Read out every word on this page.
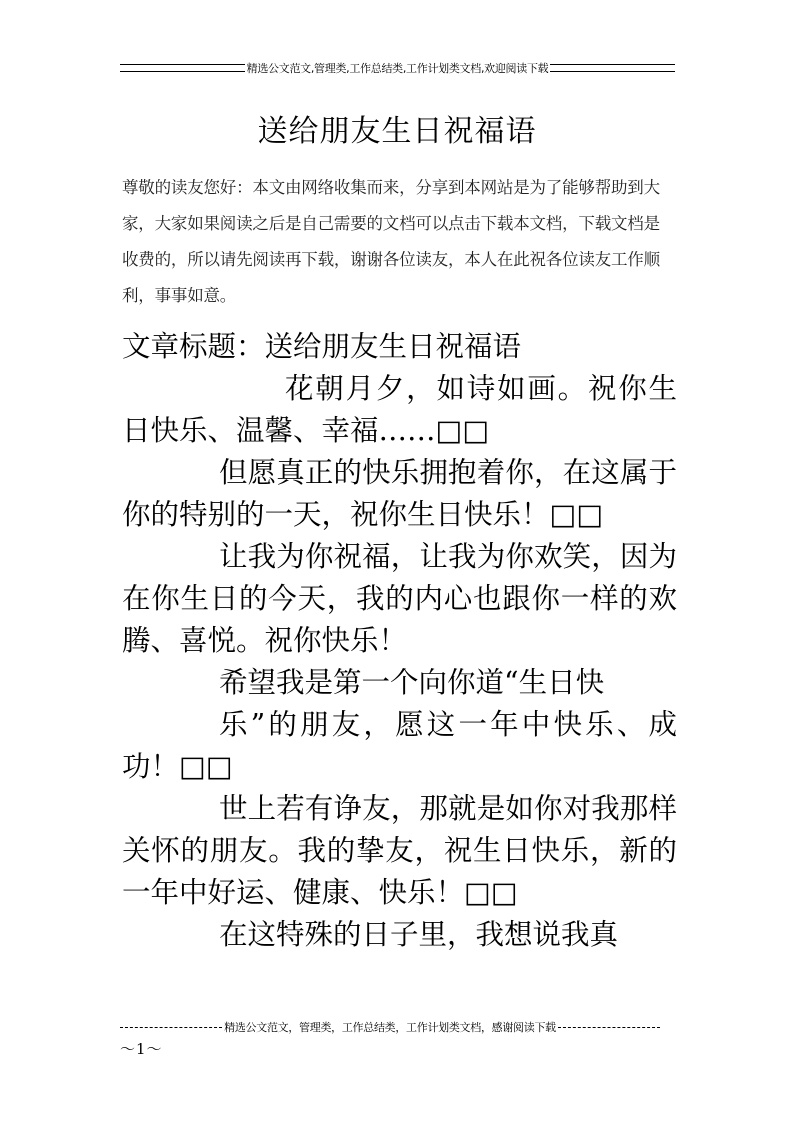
精选公文范文,管理类,工作总结类,工作计划类文档,欢迎阅读下载
送给朋友生日祝福语

尊敬的读友您好：本文由网络收集而来，分享到本网站是为了能够帮助到大家，大家如果阅读之后是自己需要的文档可以点击下载本文档，下载文档是收费的，所以请先阅读再下载，谢谢各位读友，本人在此祝各位读友工作顺利，事事如意。

文章标题：送给朋友生日祝福语

花朝月夕，如诗如画。祝你生日快乐、温馨、幸福……□□

但愿真正的快乐拥抱着你，在这属于你的特别的一天，祝你生日快乐！□□

让我为你祝福，让我为你欢笑，因为在你生日的今天，我的内心也跟你一样的欢腾、喜悦。祝你快乐！

希望我是第一个向你道“生日快

乐”的朋友，愿这一年中快乐、成功！□□

世上若有诤友，那就是如你对我那样关怀的朋友。我的挚友，祝生日快乐，新的一年中好运、健康、快乐！□□

在这特殊的日子里，我想说我真

精选公文范文，管理类，工作总结类，工作计划类文档，感谢阅读下载
～1～
